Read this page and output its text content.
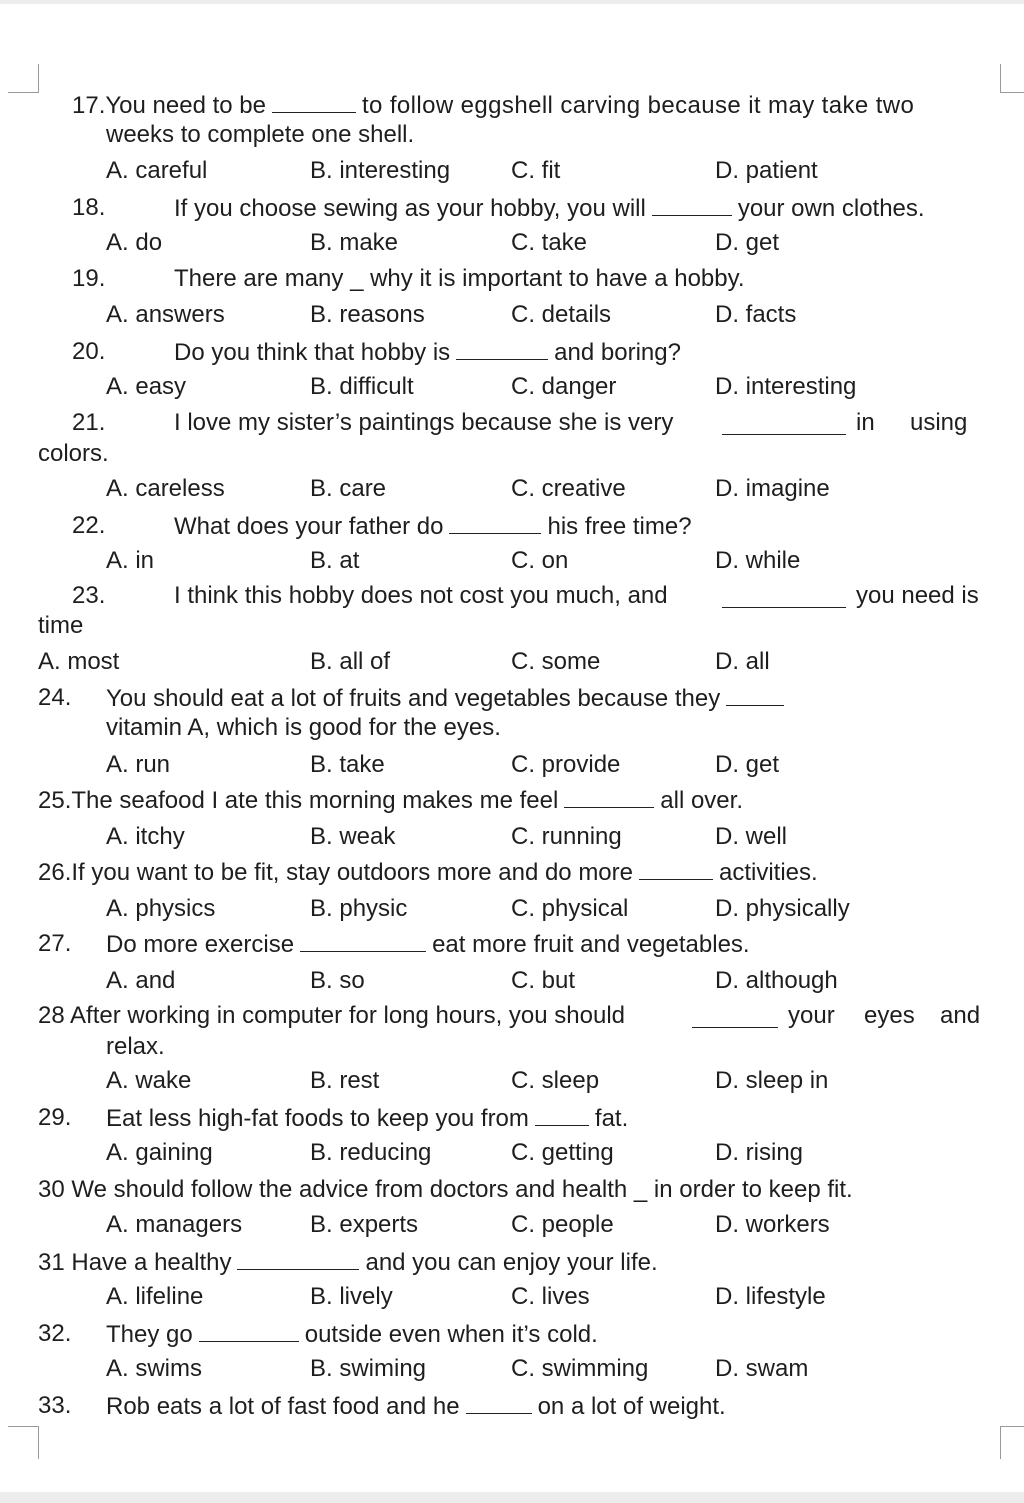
17.You need to be	to follow eggshell carving because it may take two
weeks to complete one shell.
A. careful	B. interesting	C. fit	D. patient
18.	If you choose sewing as your hobby, you will	your own clothes.
A. do	B. make	C. take	D. get
19.	There are many _ why it is important to have a hobby.
A. answers	B. reasons	C. details	D. facts
20.	Do you think that hobby is	and boring?
A. easy	B. difficult	C. danger	D. interesting
21.	I love my sister’s paintings because she is very	in using
colors.
A. careless	B. care	C. creative	D. imagine
22.	What does your father do	his free time?
A. in	B. at	C. on	D. while
23.	I think this hobby does not cost you much, and	you need is
time
A. most	B. all of	C. some	D. all
24. You should eat a lot of fruits and vegetables because they
vitamin A, which is good for the eyes.
A. run	B. take	C. provide	D. get
25.The seafood I ate this morning makes me feel	all over.
A. itchy	B. weak	C. running	D. well
26.If you want to be fit, stay outdoors more and do more	activities.
A. physics	B. physic	C. physical	D. physically
27. Do more exercise	eat more fruit and vegetables.
A. and	B. so	C. but	D. although
28 After working in computer for long hours, you should	your eyes and
relax.
A. wake	B. rest	C. sleep	D. sleep in
29. Eat less high-fat foods to keep you from	fat.
A. gaining	B. reducing	C. getting	D. rising
30 We should follow the advice from doctors and health _ in order to keep fit.
A. managers	B. experts	C. people	D. workers
31 Have a healthy	and you can enjoy your life.
A. lifeline	B. lively	C. lives	D. lifestyle
32. They go	outside even when it’s cold.
A. swims	B. swiming	C. swimming	D. swam
33. Rob eats a lot of fast food and he	on a lot of weight.
